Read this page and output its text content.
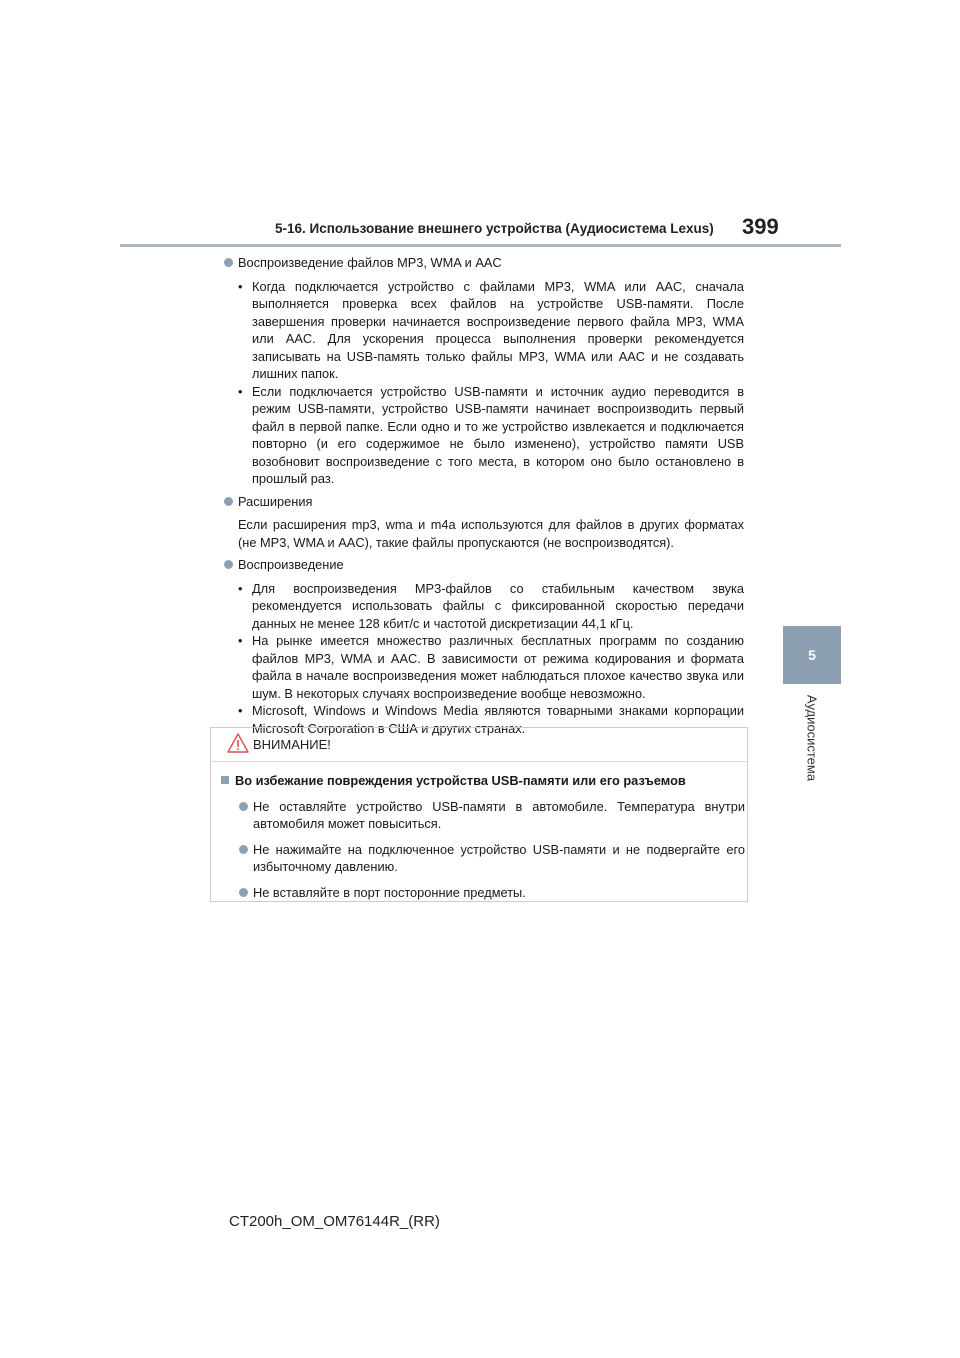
5-16. Использование внешнего устройства (Аудиосистема Lexus) 399
5
Аудиосистема
Воспроизведение файлов MP3, WMA и AAC
• Когда подключается устройство с файлами MP3, WMA или AAC, сначала выполняется проверка всех файлов на устройстве USB-памяти. После завершения проверки начинается воспроизведение первого файла MP3, WMA или AAC. Для ускорения процесса выполнения проверки рекомендуется записывать на USB-память только файлы MP3, WMA или AAC и не создавать лишних папок.
• Если подключается устройство USB-памяти и источник аудио переводится в режим USB-памяти, устройство USB-памяти начинает воспроизводить первый файл в первой папке. Если одно и то же устройство извлекается и подключается повторно (и его содержимое не было изменено), устройство памяти USB возобновит воспроизведение с того места, в котором оно было остановлено в прошлый раз.
Расширения
Если расширения mp3, wma и m4a используются для файлов в других форматах (не MP3, WMA и AAC), такие файлы пропускаются (не воспроизводятся).
Воспроизведение
• Для воспроизведения MP3-файлов со стабильным качеством звука рекомендуется использовать файлы с фиксированной скоростью передачи данных не менее 128 кбит/с и частотой дискретизации 44,1 кГц.
• На рынке имеется множество различных бесплатных программ по созданию файлов MP3, WMA и AAC. В зависимости от режима кодирования и формата файла в начале воспроизведения может наблюдаться плохое качество звука или шум. В некоторых случаях воспроизведение вообще невозможно.
• Microsoft, Windows и Windows Media являются товарными знаками корпорации Microsoft Corporation в США и других странах.
ВНИМАНИЕ!
Во избежание повреждения устройства USB-памяти или его разъемов
Не оставляйте устройство USB-памяти в автомобиле. Температура внутри автомобиля может повыситься.
Не нажимайте на подключенное устройство USB-памяти и не подвергайте его избыточному давлению.
Не вставляйте в порт посторонние предметы.
CT200h_OM_OM76144R_(RR)
